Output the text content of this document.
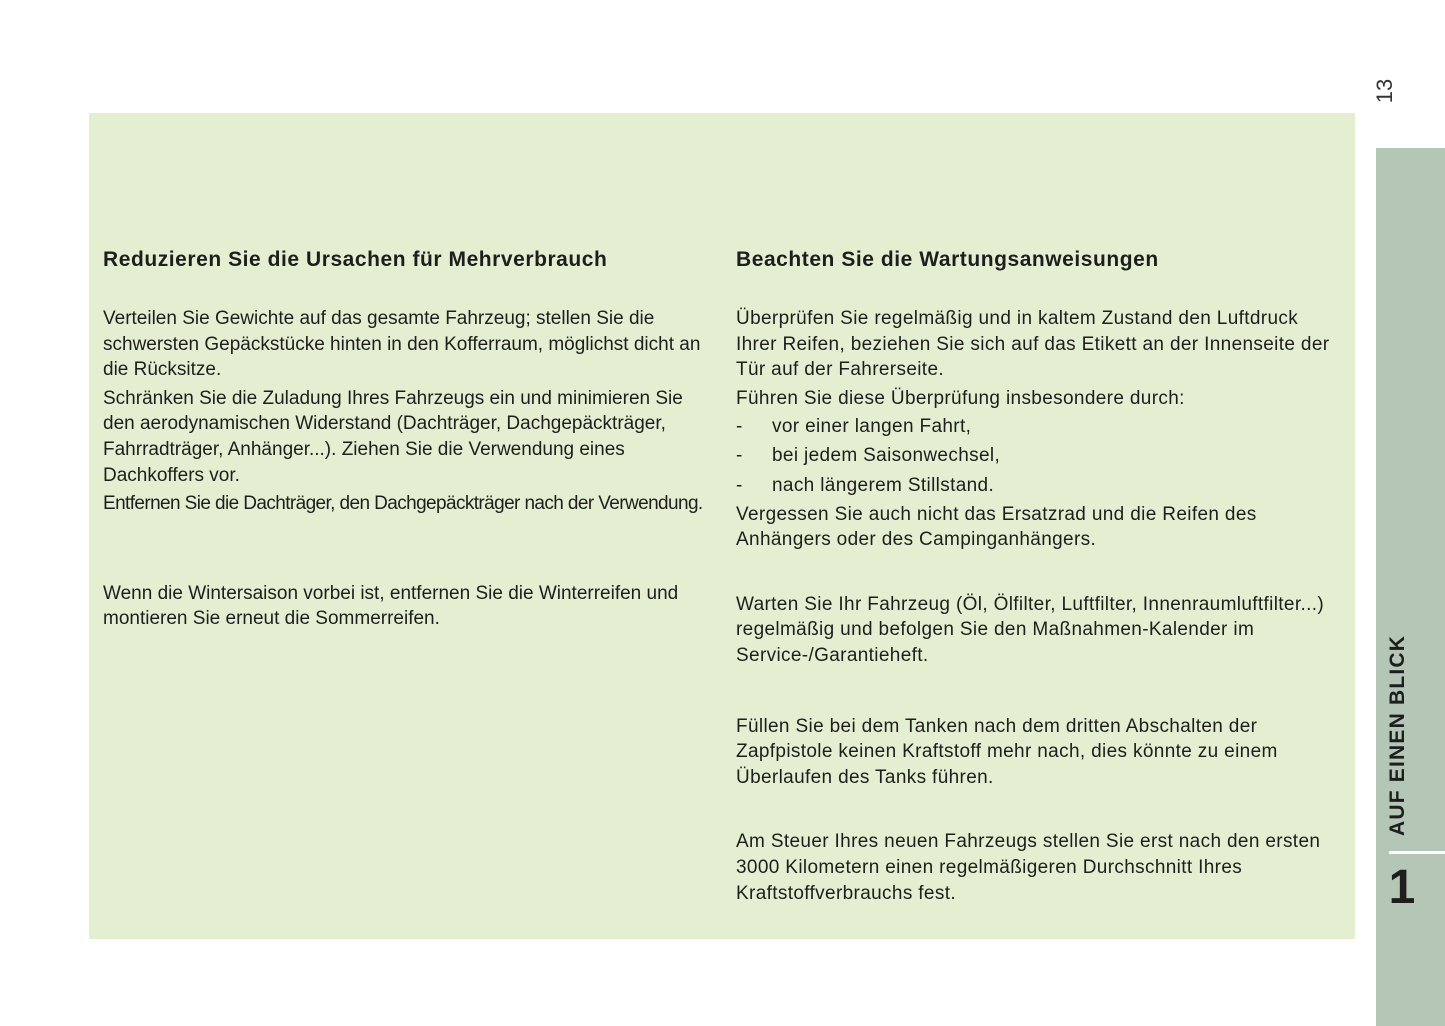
Reduzieren Sie die Ursachen für Mehrverbrauch

Verteilen Sie Gewichte auf das gesamte Fahrzeug; stellen Sie die schwersten Gepäckstücke hinten in den Kofferraum, möglichst dicht an die Rücksitze.

Schränken Sie die Zuladung Ihres Fahrzeugs ein und minimieren Sie den aerodynamischen Widerstand (Dachträger, Dachgepäckträger, Fahrradträger, Anhänger...). Ziehen Sie die Verwendung eines Dachkoffers vor.

Entfernen Sie die Dachträger, den Dachgepäckträger nach der Verwendung.

Wenn die Wintersaison vorbei ist, entfernen Sie die Winterreifen und montieren Sie erneut die Sommerreifen.

Beachten Sie die Wartungsanweisungen

Überprüfen Sie regelmäßig und in kaltem Zustand den Luftdruck Ihrer Reifen, beziehen Sie sich auf das Etikett an der Innenseite der Tür auf der Fahrerseite.

Führen Sie diese Überprüfung insbesondere durch:

- vor einer langen Fahrt,
- bei jedem Saisonwechsel,
- nach längerem Stillstand.

Vergessen Sie auch nicht das Ersatzrad und die Reifen des Anhängers oder des Campinganhängers.

Warten Sie Ihr Fahrzeug (Öl, Ölfilter, Luftfilter, Innenraumluftfilter...) regelmäßig und befolgen Sie den Maßnahmen-Kalender im Service-/Garantieheft.

Füllen Sie bei dem Tanken nach dem dritten Abschalten der Zapfpistole keinen Kraftstoff mehr nach, dies könnte zu einem Überlaufen des Tanks führen.

Am Steuer Ihres neuen Fahrzeugs stellen Sie erst nach den ersten 3000 Kilometern einen regelmäßigeren Durchschnitt Ihres Kraftstoffverbrauchs fest.

13
AUF EINEN BLICK
1
